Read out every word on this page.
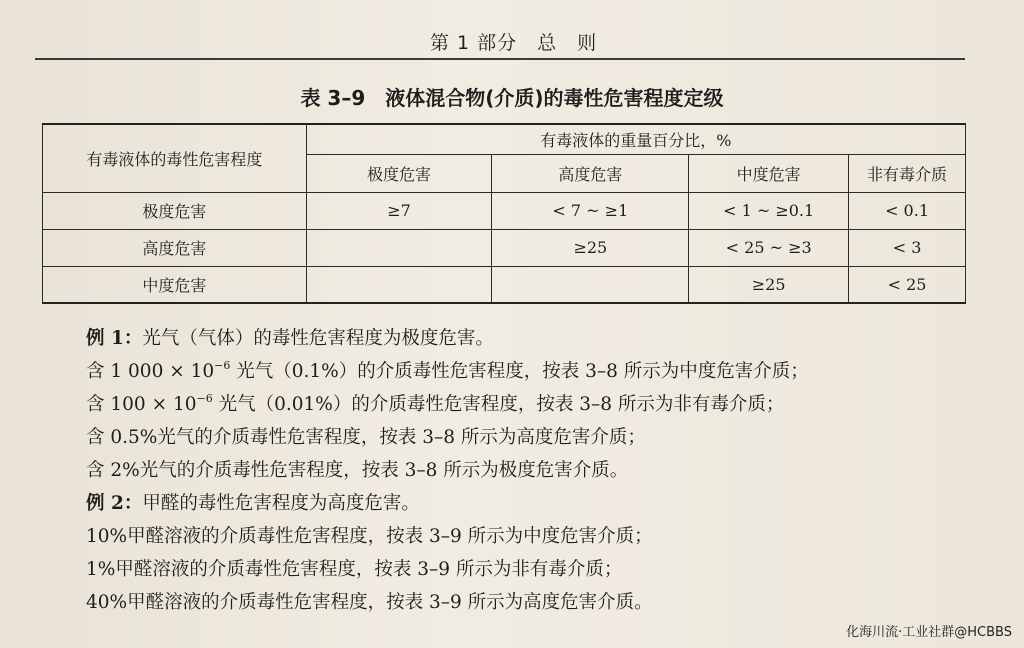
第 1 部分　总　则
表 3–9 液体混合物(介质)的毒性危害程度定级
有毒液体的毒性危害程度	有毒液体的重量百分比，%			
	极度危害	高度危害	中度危害	非有毒介质
极度危害	≥7	< 7 ~ ≥1	< 1 ~ ≥0.1	< 0.1
高度危害		≥25	< 25 ~ ≥3	< 3
中度危害			≥25	< 25
例 1：光气（气体）的毒性危害程度为极度危害。
含 1 $000 \times 10^{-6}$ 光气（0.1%）的介质毒性危害程度，按表 3–8 所示为中度危害介质；
含 $100 \times 10^{-6}$ 光气（0.01%）的介质毒性危害程度，按表 3–8 所示为非有毒介质；
含 0.5%光气的介质毒性危害程度，按表 3–8 所示为高度危害介质；
含 2%光气的介质毒性危害程度，按表 3–8 所示为极度危害介质。
例 2：甲醛的毒性危害程度为高度危害。
10%甲醛溶液的介质毒性危害程度，按表 3–9 所示为中度危害介质；
1%甲醛溶液的介质毒性危害程度，按表 3–9 所示为非有毒介质；
40%甲醛溶液的介质毒性危害程度，按表 3–9 所示为高度危害介质。
化海川流·工业社群@HCBBS
